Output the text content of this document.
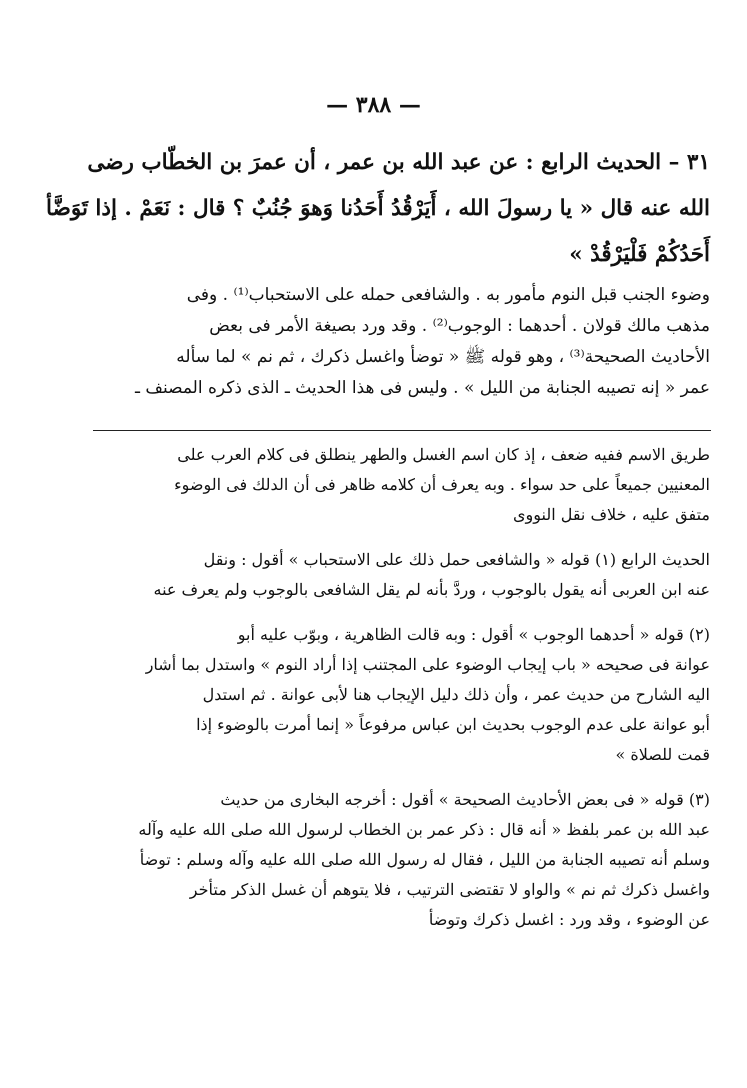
— ٣٨٨ —
٣١ – الحديث الرابع : عن عبد الله بن عمر ، أن عمرَ بن الخطّاب رضى
الله عنه قال « يا رسولَ الله ، أَيَرْقُدُ أَحَدُنا وَهوَ جُنُبٌ ؟ قال : نَعَمْ . إذا تَوَضَّأ
أَحَدُكُمْ فَلْيَرْقُدْ »
وضوء الجنب قبل النوم مأمور به . والشافعى حمله على الاستحباب⁽¹⁾ . وفى
مذهب مالك قولان . أحدهما : الوجوب⁽²⁾ . وقد ورد بصيغة الأمر فى بعض
الأحاديث الصحيحة⁽³⁾ ، وهو قوله ﷺ « توضأ واغسل ذكرك ، ثم نم » لما سأله
عمر « إنه تصيبه الجنابة من الليل » . وليس فى هذا الحديث ـ الذى ذكره المصنف ـ
طريق الاسم ففيه ضعف ، إذ كان اسم الغسل والطهر ينطلق فى كلام العرب على
المعنيين جميعاً على حد سواء . وبه يعرف أن كلامه ظاهر فى أن الدلك فى الوضوء
متفق عليه ، خلاف نقل النووى
الحديث الرابع (١) قوله « والشافعى حمل ذلك على الاستحباب » أقول : ونقل
عنه ابن العربى أنه يقول بالوجوب ، وردَّ بأنه لم يقل الشافعى بالوجوب ولم يعرف عنه
(٢) قوله « أحدهما الوجوب » أقول : وبه قالت الظاهرية ، وبوّب عليه أبو
عوانة فى صحيحه « باب إيجاب الوضوء على المجتنب إذا أراد النوم » واستدل بما أشار
اليه الشارح من حديث عمر ، وأن ذلك دليل الإيجاب هنا لأبى عوانة . ثم استدل
أبو عوانة على عدم الوجوب بحديث ابن عباس مرفوعاً « إنما أمرت بالوضوء إذا
قمت للصلاة »
(٣) قوله « فى بعض الأحاديث الصحيحة » أقول : أخرجه البخارى من حديث
عبد الله بن عمر بلفظ « أنه قال : ذكر عمر بن الخطاب لرسول الله صلى الله عليه وآله
وسلم أنه تصيبه الجنابة من الليل ، فقال له رسول الله صلى الله عليه وآله وسلم : توضأ
واغسل ذكرك ثم نم » والواو لا تقتضى الترتيب ، فلا يتوهم أن غسل الذكر متأخر
عن الوضوء ، وقد ورد : اغسل ذكرك وتوضأ
